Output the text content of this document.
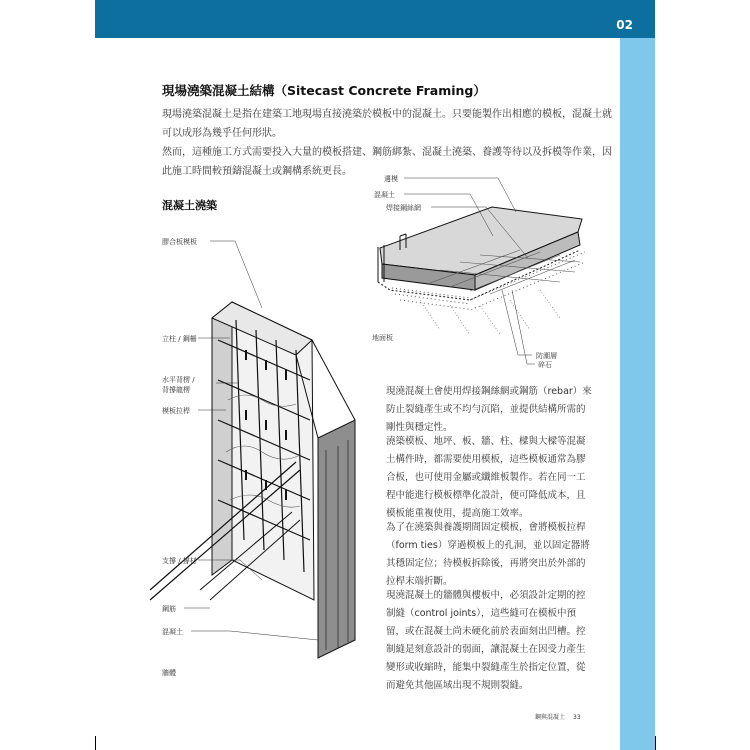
02
現場澆築混凝土結構（Sitecast Concrete Framing）

現場澆築混凝土是指在建築工地現場直接澆築於模板中的混凝土。只要能製作出相應的模板，混凝土就可以成形為幾乎任何形狀。

然而，這種施工方式需要投入大量的模板搭建、鋼筋綁紮、混凝土澆築、養護等待以及拆模等作業，因此施工時間較預鑄混凝土或鋼構系統更長。

混凝土澆築
邊模
混凝土
焊接鋼絲網
地面板
防潮層
碎石
膠合板模板
立柱 / 鋼柵
水平背楞 /
背撐龍楞
模板拉桿
支撐 / 撐材
鋼筋
混凝土
牆體

現澆混凝土會使用焊接鋼絲網或鋼筋（rebar）來防止裂縫產生或不均勻沉陷，並提供結構所需的剛性與穩定性。

澆築模板、地坪、板、牆、柱、樑與大樑等混凝土構件時，都需要使用模板，這些模板通常為膠合板，也可使用金屬或纖維板製作。若在同一工程中能進行模板標準化設計，便可降低成本，且模板能重複使用，提高施工效率。

為了在澆築與養護期間固定模板，會將模板拉桿（form ties）穿過模板上的孔洞，並以固定器將其穩固定位；待模板拆除後，再將突出於外部的拉桿末端折斷。

現澆混凝土的牆體與樓板中，必須設計定期的控制縫（control joints），這些縫可在模板中預留，或在混凝土尚未硬化前於表面刻出凹槽。控制縫是刻意設計的弱面，讓混凝土在因受力產生變形或收縮時，能集中裂縫產生於指定位置，從而避免其他區域出現不規則裂縫。

鋼與混凝土 33
